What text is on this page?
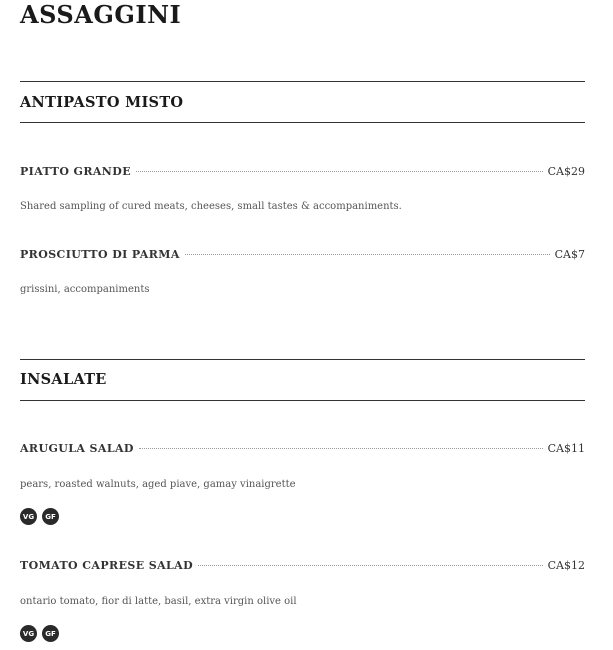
ASSAGGINI
ANTIPASTO MISTO
PIATTO GRANDE	CA$29
Shared sampling of cured meats, cheeses, small tastes & accompaniments.
PROSCIUTTO DI PARMA	CA$7
grissini, accompaniments
INSALATE
ARUGULA SALAD	CA$11
pears, roasted walnuts, aged piave, gamay vinaigrette
VG	GF
TOMATO CAPRESE SALAD	CA$12
ontario tomato, fior di latte, basil, extra virgin olive oil
VG	GF
